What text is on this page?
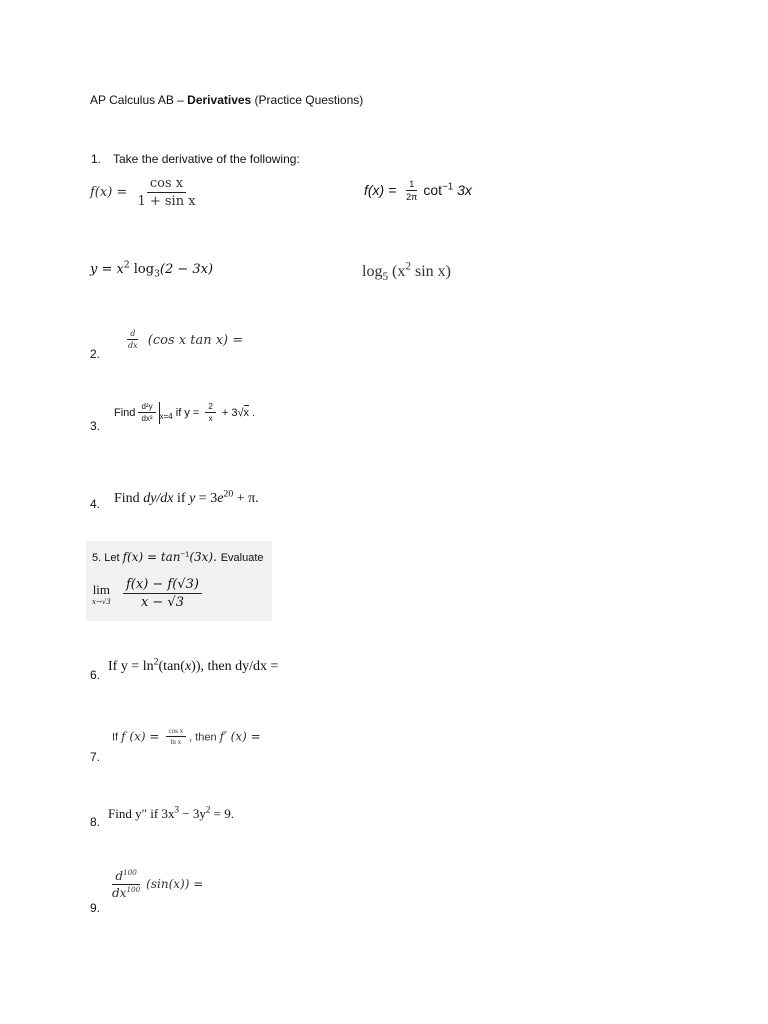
AP Calculus AB – Derivatives (Practice Questions)
1. Take the derivative of the following:
$f(x) = \frac{\text{cos x}}{\text{1 + sin x}}$	$f(x) = \frac{1}{2\pi} \cot^{-1} 3x$
$y = x^2$ $\log_3(2 - 3x)$	$\log_5 (x^2$ sin x)
2.
$\frac{d}{dx} (\cos$ x tan x) =
3.
Find $\frac{\text{d²y}}{\text{dx²}} _{x=4}$ if $y = \frac{2}{x} + 3√x$ .
4. Find dy/dx if $y = 3e^{20} + \pi$.
5. Let $f(x) = \tan^{-1}(3x)$. Evaluate
lim
x→√3
$\frac{f(x) - f(√3)}{x - √3}$
6.
If $y = \ln^2(\tan(x))$, then dy/dx =
7.
If f $(x) = \frac{\text{cos x}}{\text{ln x}}$ , then f′ (x) =
8.
Find y″ if $3x^3 - 3y^2 = 9$.
9.
$\frac{d^{100}}{dx^{100}} (\sin(x))$ =
